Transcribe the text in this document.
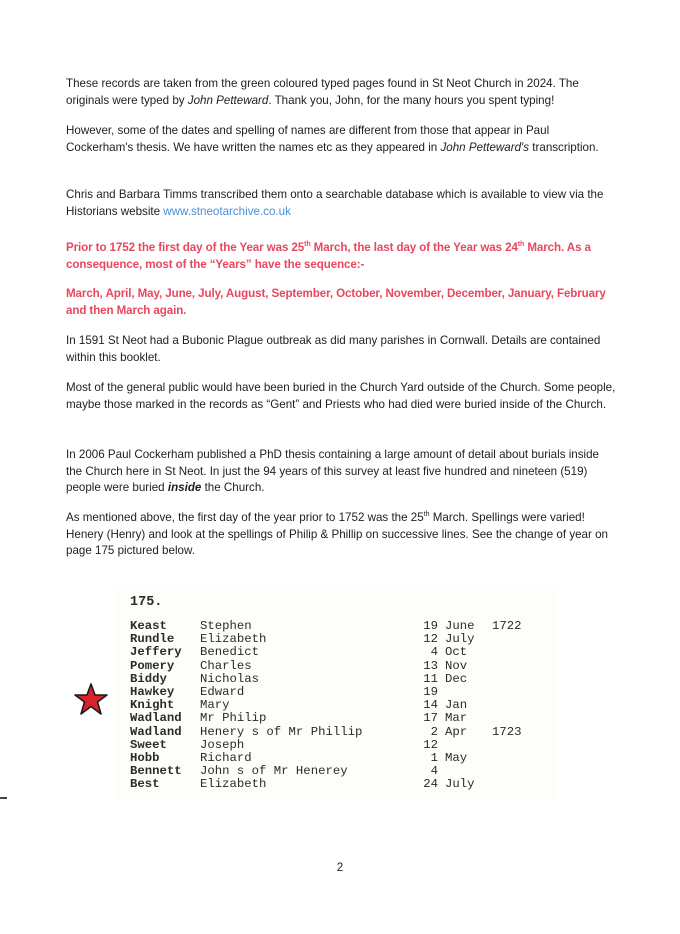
These records are taken from the green coloured typed pages found in St Neot Church in 2024. The originals were typed by John Petteward. Thank you, John, for the many hours you spent typing!

However, some of the dates and spelling of names are different from those that appear in Paul Cockerham's thesis. We have written the names etc as they appeared in John Petteward's transcription.

Chris and Barbara Timms transcribed them onto a searchable database which is available to view via the Historians website www.stneotarchive.co.uk

Prior to 1752 the first day of the Year was 25th March, the last day of the Year was 24th March. As a consequence, most of the “Years” have the sequence:-

March, April, May, June, July, August, September, October, November, December, January, February and then March again.

In 1591 St Neot had a Bubonic Plague outbreak as did many parishes in Cornwall. Details are contained within this booklet.

Most of the general public would have been buried in the Church Yard outside of the Church. Some people, maybe those marked in the records as “Gent” and Priests who had died were buried inside of the Church.

In 2006 Paul Cockerham published a PhD thesis containing a large amount of detail about burials inside the Church here in St Neot. In just the 94 years of this survey at least five hundred and nineteen (519) people were buried inside the Church.

As mentioned above, the first day of the year prior to 1752 was the 25th March. Spellings were varied! Henery (Henry) and look at the spellings of Philip & Phillip on successive lines. See the change of year on page 175 pictured below.

175.
Keast	Stephen	19 June 1722
Rundle Elizabeth	12 July
Jeffery Benedict	4 Oct
Pomery Charles	13 Nov
Biddy	Nicholas	11 Dec
Hawkey Edward	19
Knight Mary	14 Jan
Wadland Mr Philip	17 Mar
Wadland Henery s of Mr Phillip	2 Apr 1723
Sweet	Joseph	12
Hobb	Richard	1 May
Bennett John s of Mr Henerey	4
Best	Elizabeth	24 July
2
